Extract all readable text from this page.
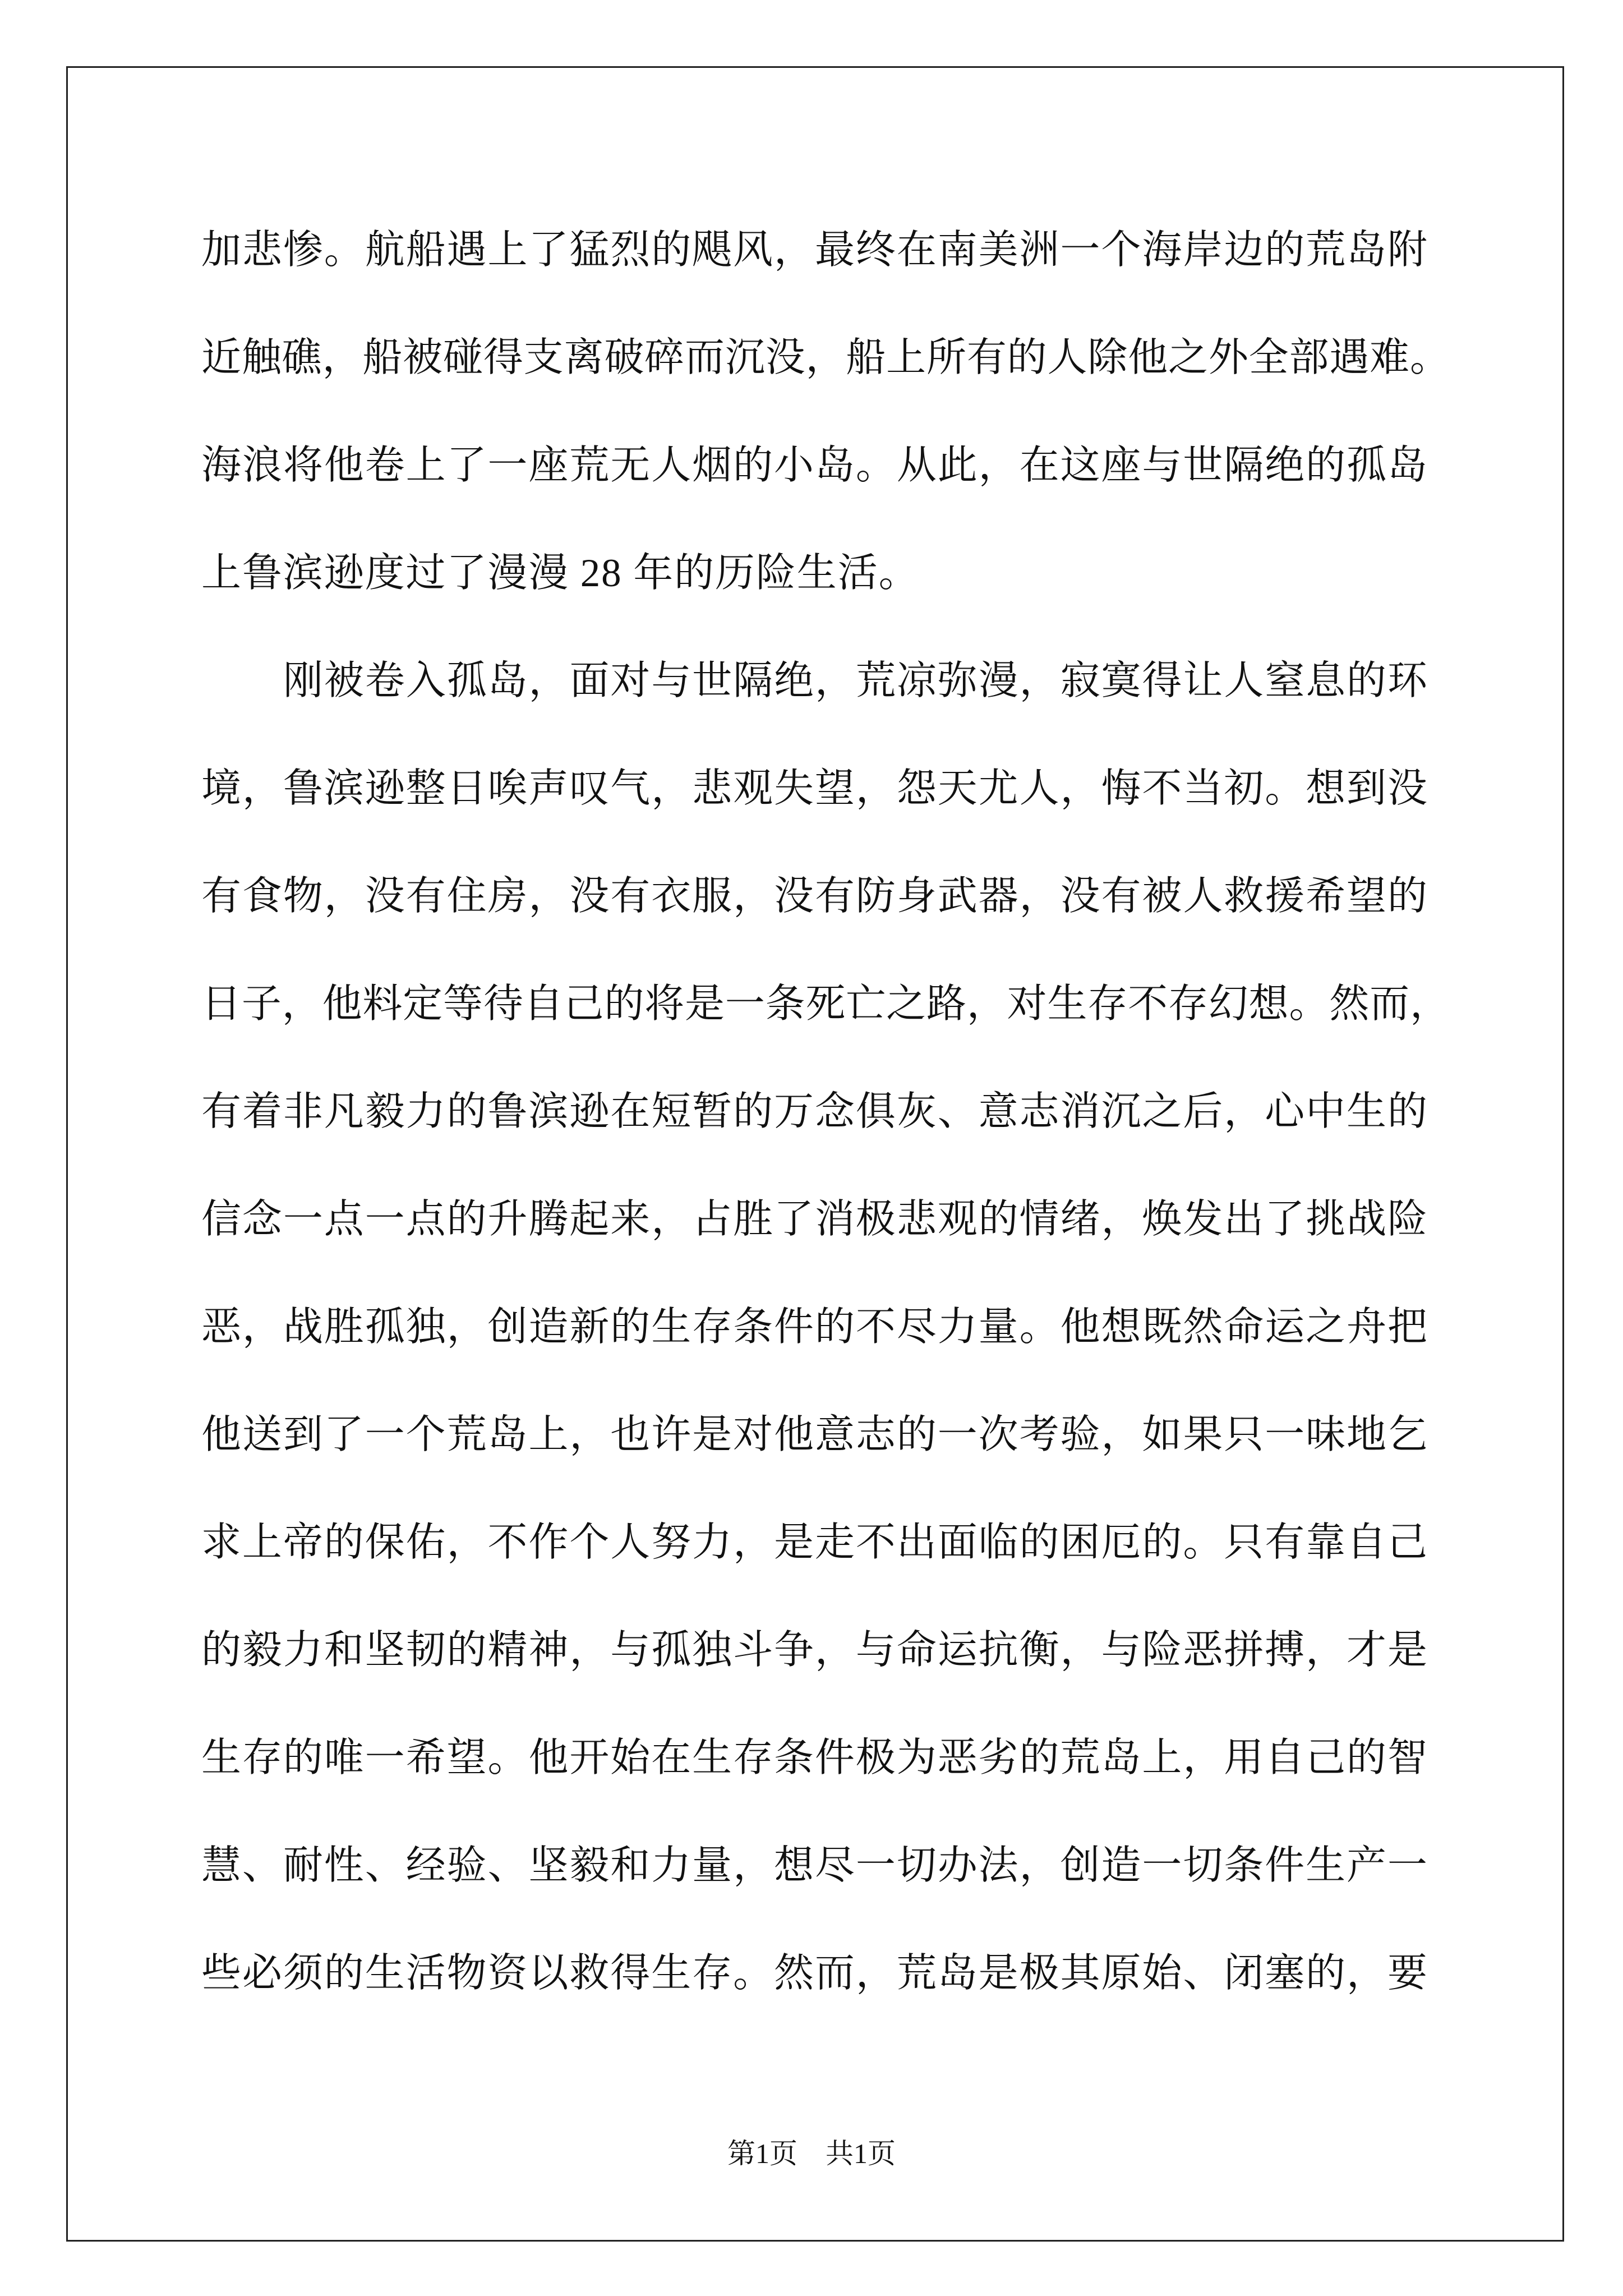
加悲惨。航船遇上了猛烈的飓风，最终在南美洲一个海岸边的荒岛附
近触礁，船被碰得支离破碎而沉没，船上所有的人除他之外全部遇难。
海浪将他卷上了一座荒无人烟的小岛。从此，在这座与世隔绝的孤岛
上鲁滨逊度过了漫漫 28 年的历险生活。
刚被卷入孤岛，面对与世隔绝，荒凉弥漫，寂寞得让人窒息的环
境，鲁滨逊整日唉声叹气，悲观失望，怨天尤人，悔不当初。想到没
有食物，没有住房，没有衣服，没有防身武器，没有被人救援希望的
日子，他料定等待自己的将是一条死亡之路，对生存不存幻想。然而，
有着非凡毅力的鲁滨逊在短暂的万念俱灰、意志消沉之后，心中生的
信念一点一点的升腾起来，占胜了消极悲观的情绪，焕发出了挑战险
恶，战胜孤独，创造新的生存条件的不尽力量。他想既然命运之舟把
他送到了一个荒岛上，也许是对他意志的一次考验，如果只一味地乞
求上帝的保佑，不作个人努力，是走不出面临的困厄的。只有靠自己
的毅力和坚韧的精神，与孤独斗争，与命运抗衡，与险恶拼搏，才是
生存的唯一希望。他开始在生存条件极为恶劣的荒岛上，用自己的智
慧、耐性、经验、坚毅和力量，想尽一切办法，创造一切条件生产一
些必须的生活物资以救得生存。然而，荒岛是极其原始、闭塞的，要
第1页　共1页
